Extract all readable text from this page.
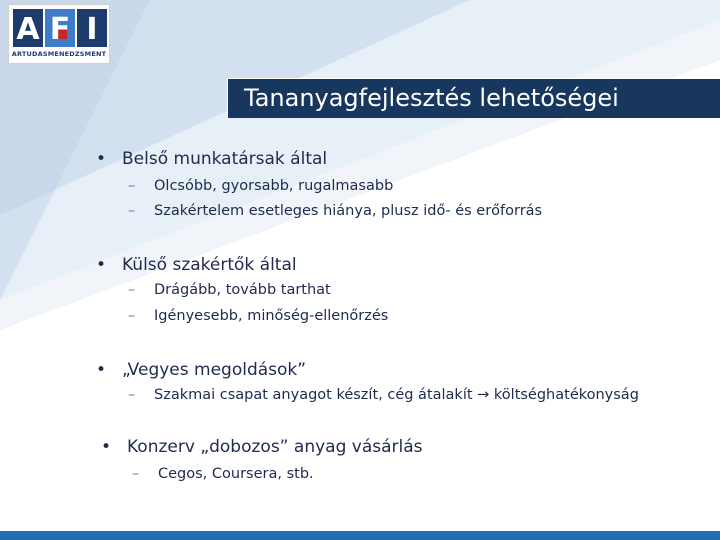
A F I
ARTUDASMENEDZSMENT
Tananyagfejlesztés lehetőségei
• Belső munkatársak által
– Olcsóbb, gyorsabb, rugalmasabb
– Szakértelem esetleges hiánya, plusz idő- és erőforrás
• Külső szakértők által
– Drágább, tovább tarthat
– Igényesebb, minőség-ellenőrzés
• „Vegyes megoldások”
– Szakmai csapat anyagot készít, cég átalakít → költséghatékonyság
• Konzerv „dobozos” anyag vásárlás
– Cegos, Coursera, stb.
